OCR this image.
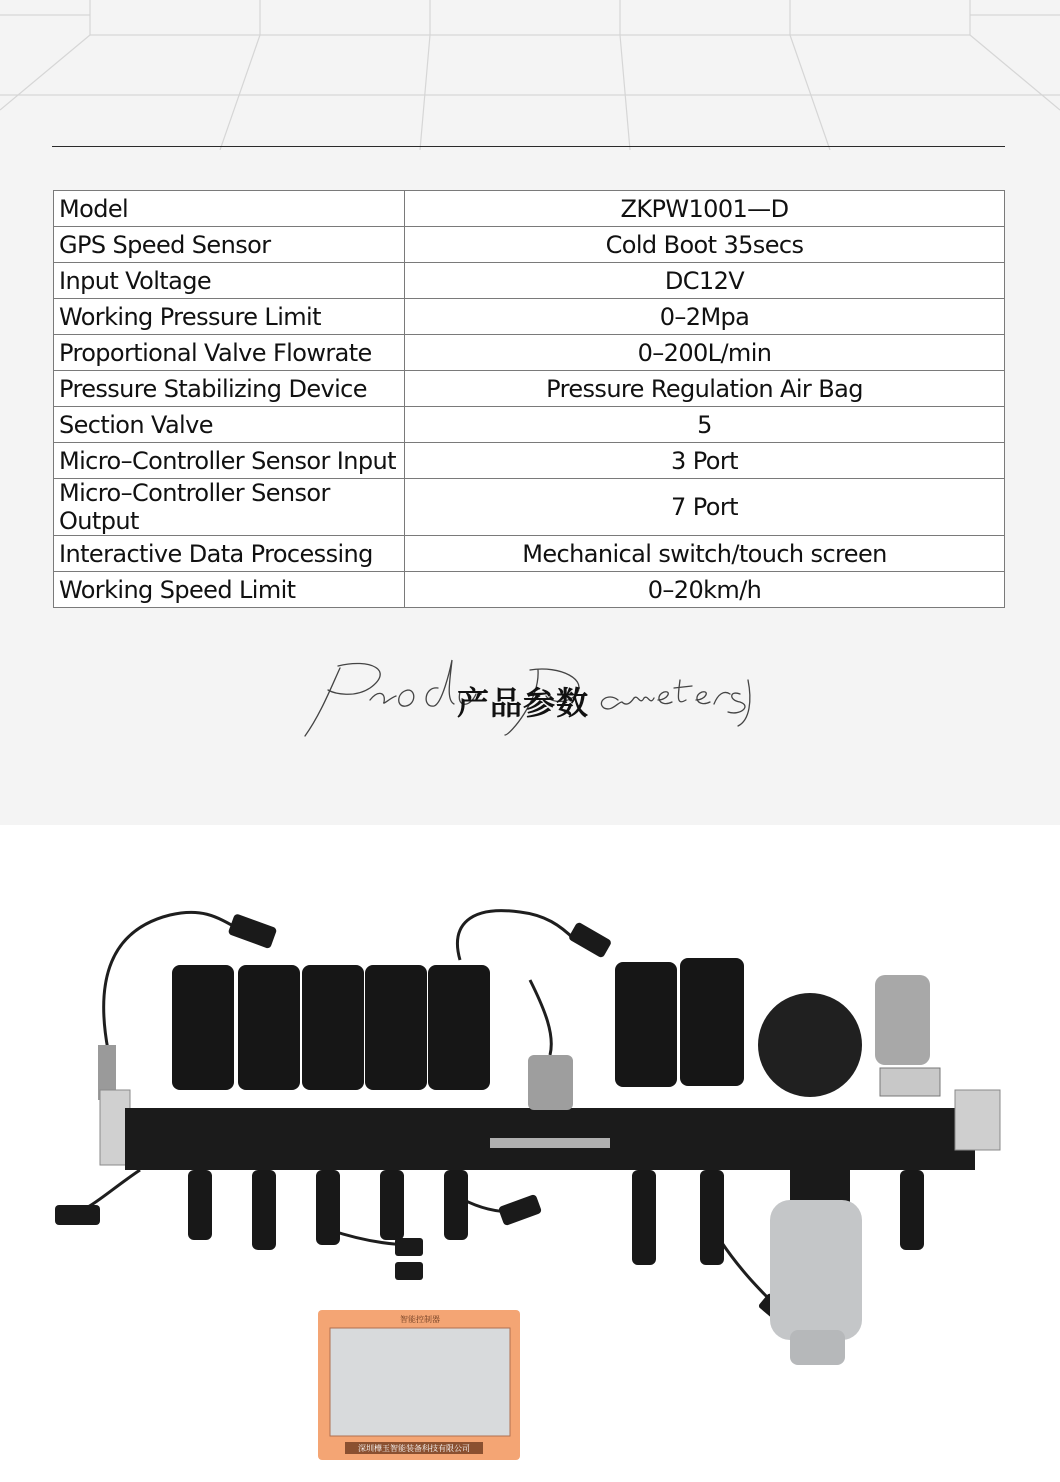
Model	ZKPW1001—D
GPS Speed Sensor	Cold Boot 35secs
Input Voltage	DC12V
Working Pressure Limit	0–2Mpa
Proportional Valve Flowrate	0–200L/min
Pressure Stabilizing Device	Pressure Regulation Air Bag
Section Valve	5
Micro–Controller Sensor Input	3 Port
Micro–Controller Sensor Output	7 Port
Interactive Data Processing	Mechanical switch/touch screen
Working Speed Limit	0–20km/h
产品参数
智能控制器
深圳樺玉智能装备科技有限公司
